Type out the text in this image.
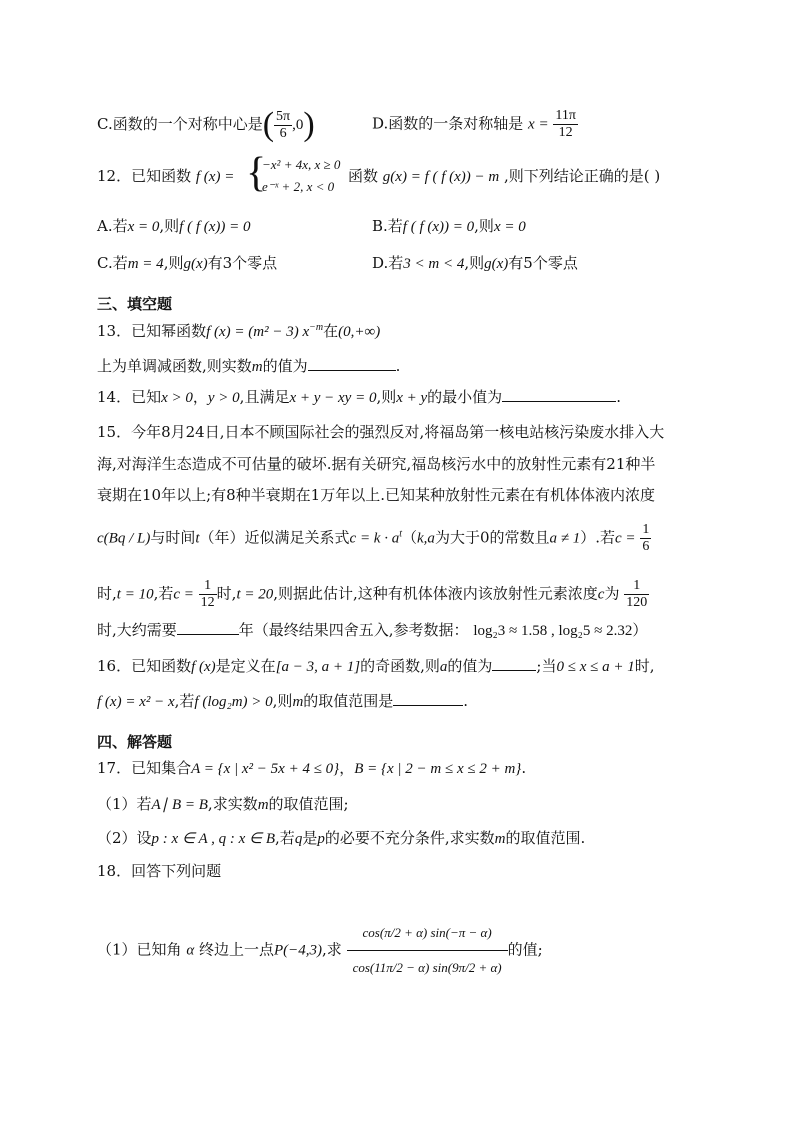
C.函数的一个对称中心是( $\frac{5\pi}{6} ,0$)	D.函数的一条对称轴是 $x = \frac{11\pi}{12}$
12．已知函数 f (x) = {
−x² + 4x, x ≥ 0
e⁻ˣ + 2, x < 0
函数 g(x) = f ( f (x)) − m ,则下列结论正确的是( )
A.若x = 0,则f ( f (x)) = 0	B.若f ( f (x)) = 0,则x = 0
C.若m = 4,则g(x)有3个零点	D.若3 < m < 4,则g(x)有5个零点
三、填空题
13．已知幂函数f (x) = (m² − 3) $x^{-m}$在(0,+∞)
上为单调减函数,则实数m的值为	.
14．已知x > 0，y > 0,且满足x + y − xy = 0,则x + y的最小值为	.
15．今年8月24日,日本不顾国际社会的强烈反对,将福岛第一核电站核污染废水排入大
海,对海洋生态造成不可估量的破坏.据有关研究,福岛核污水中的放射性元素有21种半
衰期在10年以上;有8种半衰期在1万年以上.已知某种放射性元素在有机体体液内浓度
c(Bq / L)与时间t（年）近似满足关系式$c = k \cdot a^t(k,a$为大于0的常数且a ≠ 1）.若$c = \frac{1}{6}$
时,t = 10,若$c = \frac{1}{12}$ 时,t = 20,则据此估计,这种有机体体液内该放射性元素浓度c为 $\frac{1}{120}$
时,大约需要	年（最终结果四舍五入,参考数据： log₂3 ≈ 1.58 , log₂5 ≈ 2.32）
16．已知函数f (x)是定义在[a − 3, a + 1]的奇函数,则a的值为	;当0 ≤ x ≤ a + 1时,
f (x) = x² − x,若f (log₂m) > 0,则m的取值范围是	.
四、解答题
17．已知集合A = {x | x² − 5x + 4 ≤ 0}，B = {x | 2 − m ≤ x ≤ 2 + m}.
（1）若A∣ B = B,求实数m的取值范围;
（2）设p : x ∈ A , q : x ∈ B,若q是p的必要不充分条件,求实数m的取值范围.
18．回答下列问题
（1）已知角 α 终边上一点P(−4,3),求 $\frac{\cos(\pi/2 + \alpha) \sin(-\pi - \alpha)}{\cos(11\pi/2 - \alpha) \sin(9\pi/2 + \alpha)}$ 的值;
